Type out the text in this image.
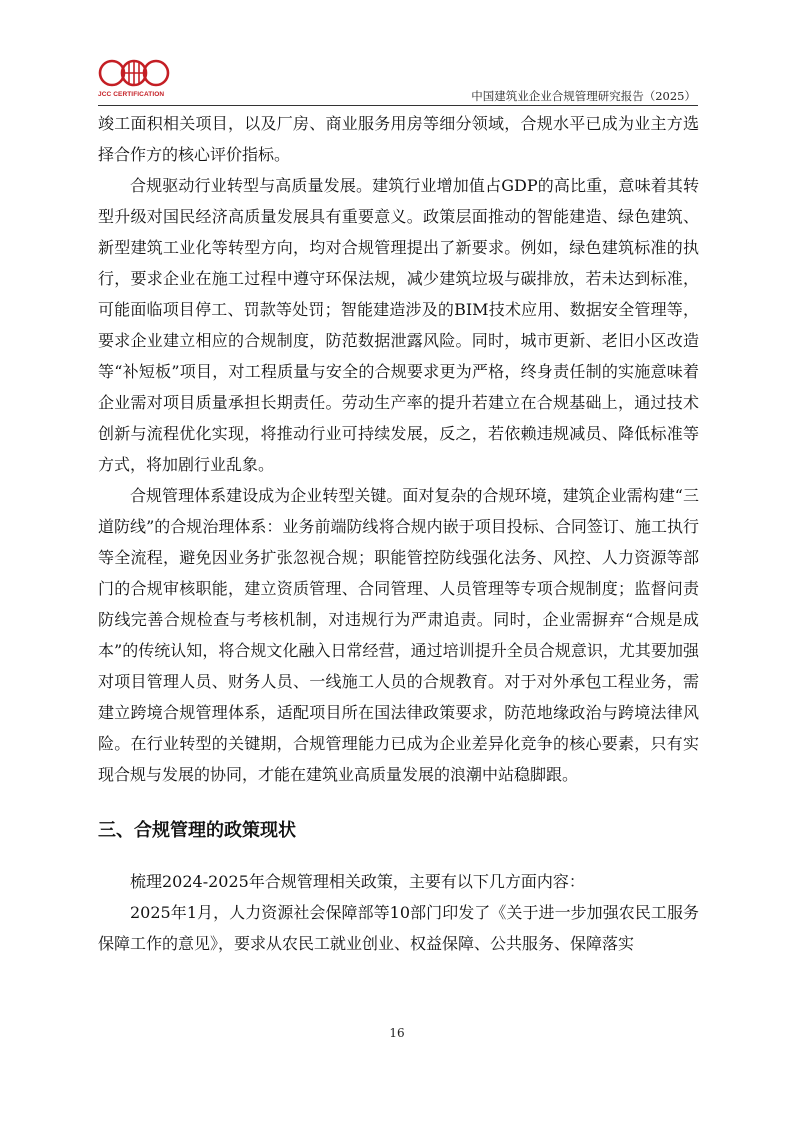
JCC CERTIFICATION	中国建筑业企业合规管理研究报告（2025）

竣工面积相关项目，以及厂房、商业服务用房等细分领域，合规水平已成为业主方选择合作方的核心评价指标。

合规驱动行业转型与高质量发展。建筑行业增加值占GDP的高比重，意味着其转型升级对国民经济高质量发展具有重要意义。政策层面推动的智能建造、绿色建筑、新型建筑工业化等转型方向，均对合规管理提出了新要求。例如，绿色建筑标准的执行，要求企业在施工过程中遵守环保法规，减少建筑垃圾与碳排放，若未达到标准，可能面临项目停工、罚款等处罚；智能建造涉及的BIM技术应用、数据安全管理等，要求企业建立相应的合规制度，防范数据泄露风险。同时，城市更新、老旧小区改造等“补短板”项目，对工程质量与安全的合规要求更为严格，终身责任制的实施意味着企业需对项目质量承担长期责任。劳动生产率的提升若建立在合规基础上，通过技术创新与流程优化实现，将推动行业可持续发展，反之，若依赖违规减员、降低标准等方式，将加剧行业乱象。

合规管理体系建设成为企业转型关键。面对复杂的合规环境，建筑企业需构建“三道防线”的合规治理体系：业务前端防线将合规内嵌于项目投标、合同签订、施工执行等全流程，避免因业务扩张忽视合规；职能管控防线强化法务、风控、人力资源等部门的合规审核职能，建立资质管理、合同管理、人员管理等专项合规制度；监督问责防线完善合规检查与考核机制，对违规行为严肃追责。同时，企业需摒弃“合规是成本”的传统认知，将合规文化融入日常经营，通过培训提升全员合规意识，尤其要加强对项目管理人员、财务人员、一线施工人员的合规教育。对于对外承包工程业务，需建立跨境合规管理体系，适配项目所在国法律政策要求，防范地缘政治与跨境法律风险。在行业转型的关键期，合规管理能力已成为企业差异化竞争的核心要素，只有实现合规与发展的协同，才能在建筑业高质量发展的浪潮中站稳脚跟。

三、合规管理的政策现状

梳理2024-2025年合规管理相关政策，主要有以下几方面内容：

2025年1月，人力资源社会保障部等10部门印发了《关于进一步加强农民工服务保障工作的意见》，要求从农民工就业创业、权益保障、公共服务、保障落实

16
